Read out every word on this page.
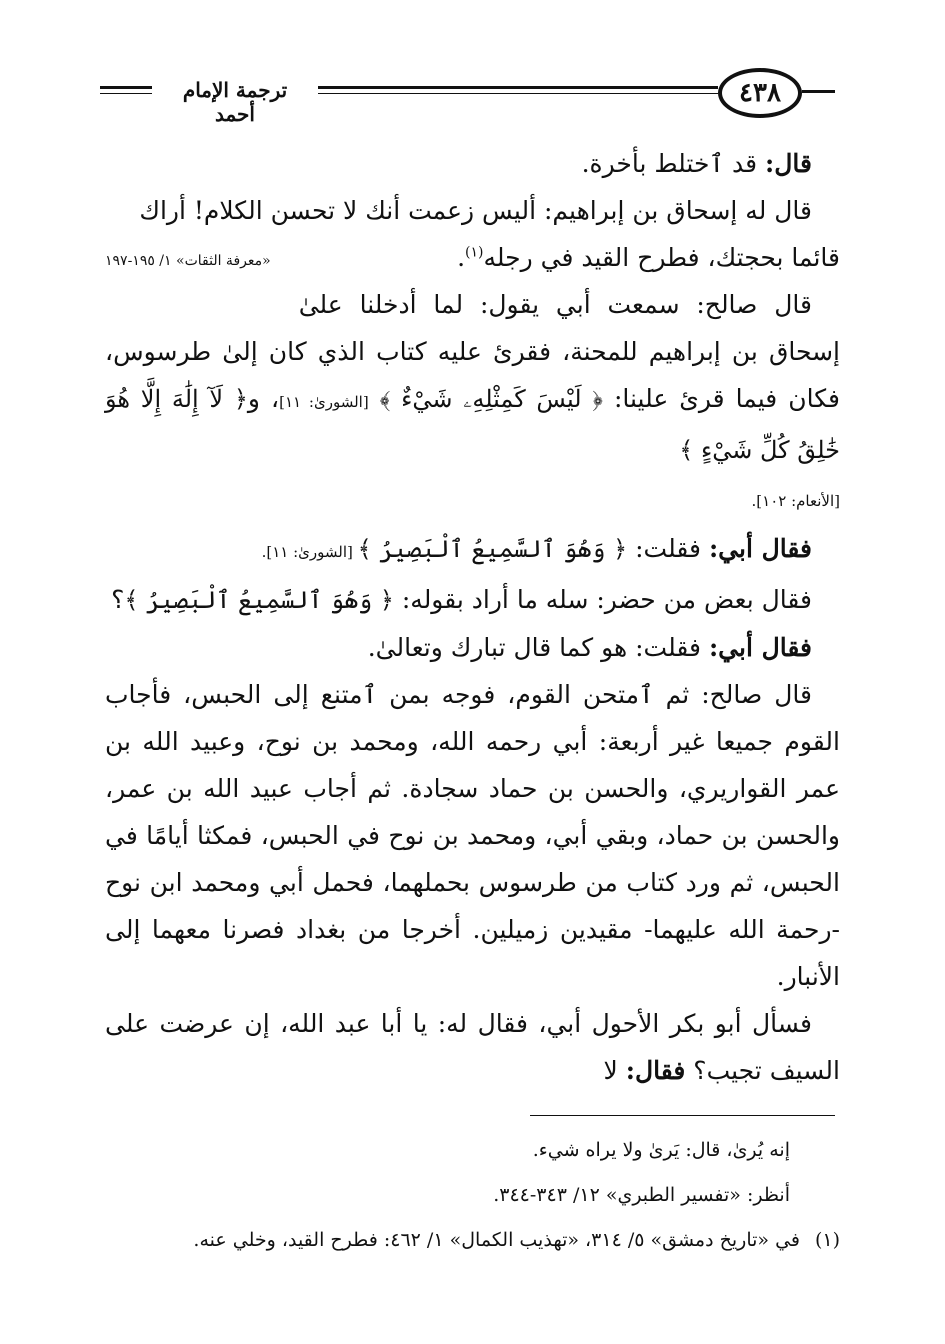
ترجمة الإمام أحمد
٤٣٨

قال: قد ٱختلط بأخرة.

قال له إسحاق بن إبراهيم: أليس زعمت أنك لا تحسن الكلام! أراك
قائما بحجتك، فطرح القيد في رجله$^{(١)}$.
«معرفة الثقات» ١/ ١٩٥-١٩٧

قال صالح: سمعت أبي يقول: لما أدخلنا علىٰ إسحاق بن إبراهيم للمحنة، فقرئ عليه كتاب الذي كان إلىٰ طرسوس، فكان فيما قرئ علينا: ﴿ لَيْسَ كَمِثْلِهِۦ شَيْءٌ ﴾ [الشورىٰ: ١١]، و﴿ لَآ إِلَٰهَ إِلَّا هُوَ خَٰلِقُ كُلِّ شَيْءٍ ﴾
[الأنعام: ١٠٢].

فقال أبي: فقلت: ﴿ وَهُوَ ٱلسَّمِيعُ ٱلْبَصِيرُ ﴾ [الشورىٰ: ١١].

فقال بعض من حضر: سله ما أراد بقوله: ﴿ وَهُوَ ٱلسَّمِيعُ ٱلْبَصِيرُ ﴾؟

فقال أبي: فقلت: هو كما قال تبارك وتعالىٰ.

قال صالح: ثم ٱمتحن القوم، فوجه بمن ٱمتنع إلى الحبس، فأجاب القوم جميعا غير أربعة: أبي رحمه الله، ومحمد بن نوح، وعبيد الله بن عمر القواريري، والحسن بن حماد سجادة. ثم أجاب عبيد الله بن عمر، والحسن بن حماد، وبقي أبي، ومحمد بن نوح في الحبس، فمكثا أيامًا في الحبس، ثم ورد كتاب من طرسوس بحملهما، فحمل أبي ومحمد ابن نوح -رحمة الله عليهما- مقيدين زميلين. أخرجا من بغداد فصرنا معهما إلى الأنبار.

فسأل أبو بكر الأحول أبي، فقال له: يا أبا عبد الله، إن عرضت على السيف تجيب؟ فقال: لا

إنه يُرىٰ، قال: يَرىٰ ولا يراه شيء.

أنظر: «تفسير الطبري» ١٢/ ٣٤٣-٣٤٤.

(١)في «تاريخ دمشق» ٥/ ٣١٤، «تهذيب الكمال» ١/ ٤٦٢: فطرح القيد، وخلي عنه.
